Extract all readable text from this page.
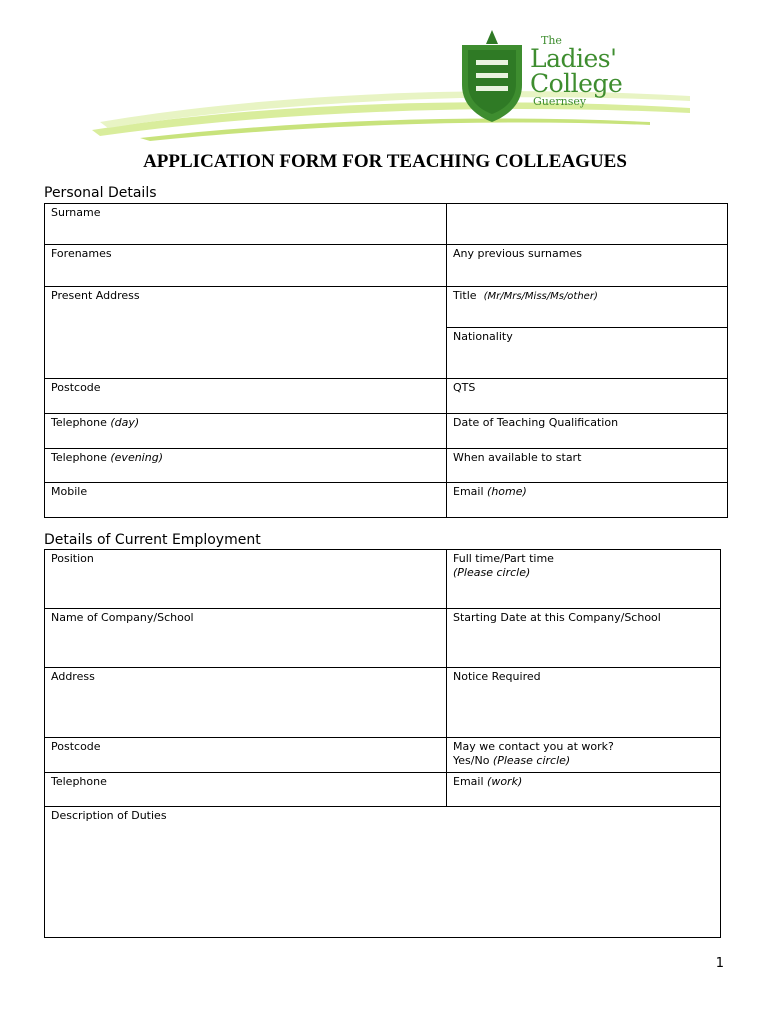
The
Ladies'
College
Guernsey
APPLICATION FORM FOR TEACHING COLLEAGUES
Personal Details
Surname	
Forenames	Any previous surnames
Present Address	Title (Mr/Mrs/Miss/Ms/other)
	Nationality
Postcode	QTS
Telephone (day)	Date of Teaching Qualification
Telephone (evening)	When available to start
Mobile	Email (home)
Details of Current Employment
Position	Full time/Part time
(Please circle)
Name of Company/School	Starting Date at this Company/School
Address	Notice Required
Postcode	May we contact you at work?
Yes/No (Please circle)
Telephone	Email (work)
Description of Duties	
1
